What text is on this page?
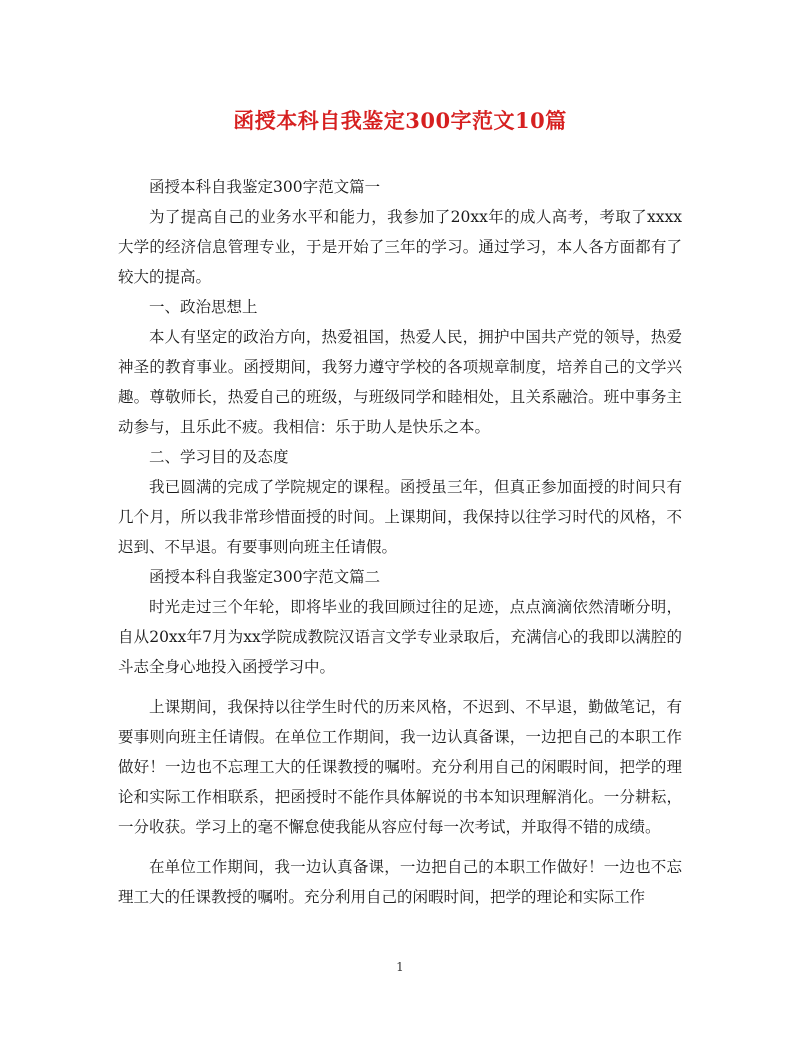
函授本科自我鉴定300字范文10篇

函授本科自我鉴定300字范文篇一

为了提高自己的业务水平和能力，我参加了20xx年的成人高考，考取了xxxx大学的经济信息管理专业，于是开始了三年的学习。通过学习，本人各方面都有了较大的提高。

一、政治思想上

本人有坚定的政治方向，热爱祖国，热爱人民，拥护中国共产党的领导，热爱神圣的教育事业。函授期间，我努力遵守学校的各项规章制度，培养自己的文学兴趣。尊敬师长，热爱自己的班级，与班级同学和睦相处，且关系融洽。班中事务主动参与，且乐此不疲。我相信：乐于助人是快乐之本。

二、学习目的及态度

我已圆满的完成了学院规定的课程。函授虽三年，但真正参加面授的时间只有几个月，所以我非常珍惜面授的时间。上课期间，我保持以往学习时代的风格，不迟到、不早退。有要事则向班主任请假。

函授本科自我鉴定300字范文篇二

时光走过三个年轮，即将毕业的我回顾过往的足迹，点点滴滴依然清晰分明，自从20xx年7月为xx学院成教院汉语言文学专业录取后，充满信心的我即以满腔的斗志全身心地投入函授学习中。

上课期间，我保持以往学生时代的历来风格，不迟到、不早退，勤做笔记，有要事则向班主任请假。在单位工作期间，我一边认真备课，一边把自己的本职工作做好！一边也不忘理工大的任课教授的嘱咐。充分利用自己的闲暇时间，把学的理论和实际工作相联系，把函授时不能作具体解说的书本知识理解消化。一分耕耘，一分收获。学习上的毫不懈怠使我能从容应付每一次考试，并取得不错的成绩。

在单位工作期间，我一边认真备课，一边把自己的本职工作做好！一边也不忘理工大的任课教授的嘱咐。充分利用自己的闲暇时间，把学的理论和实际工作

1
